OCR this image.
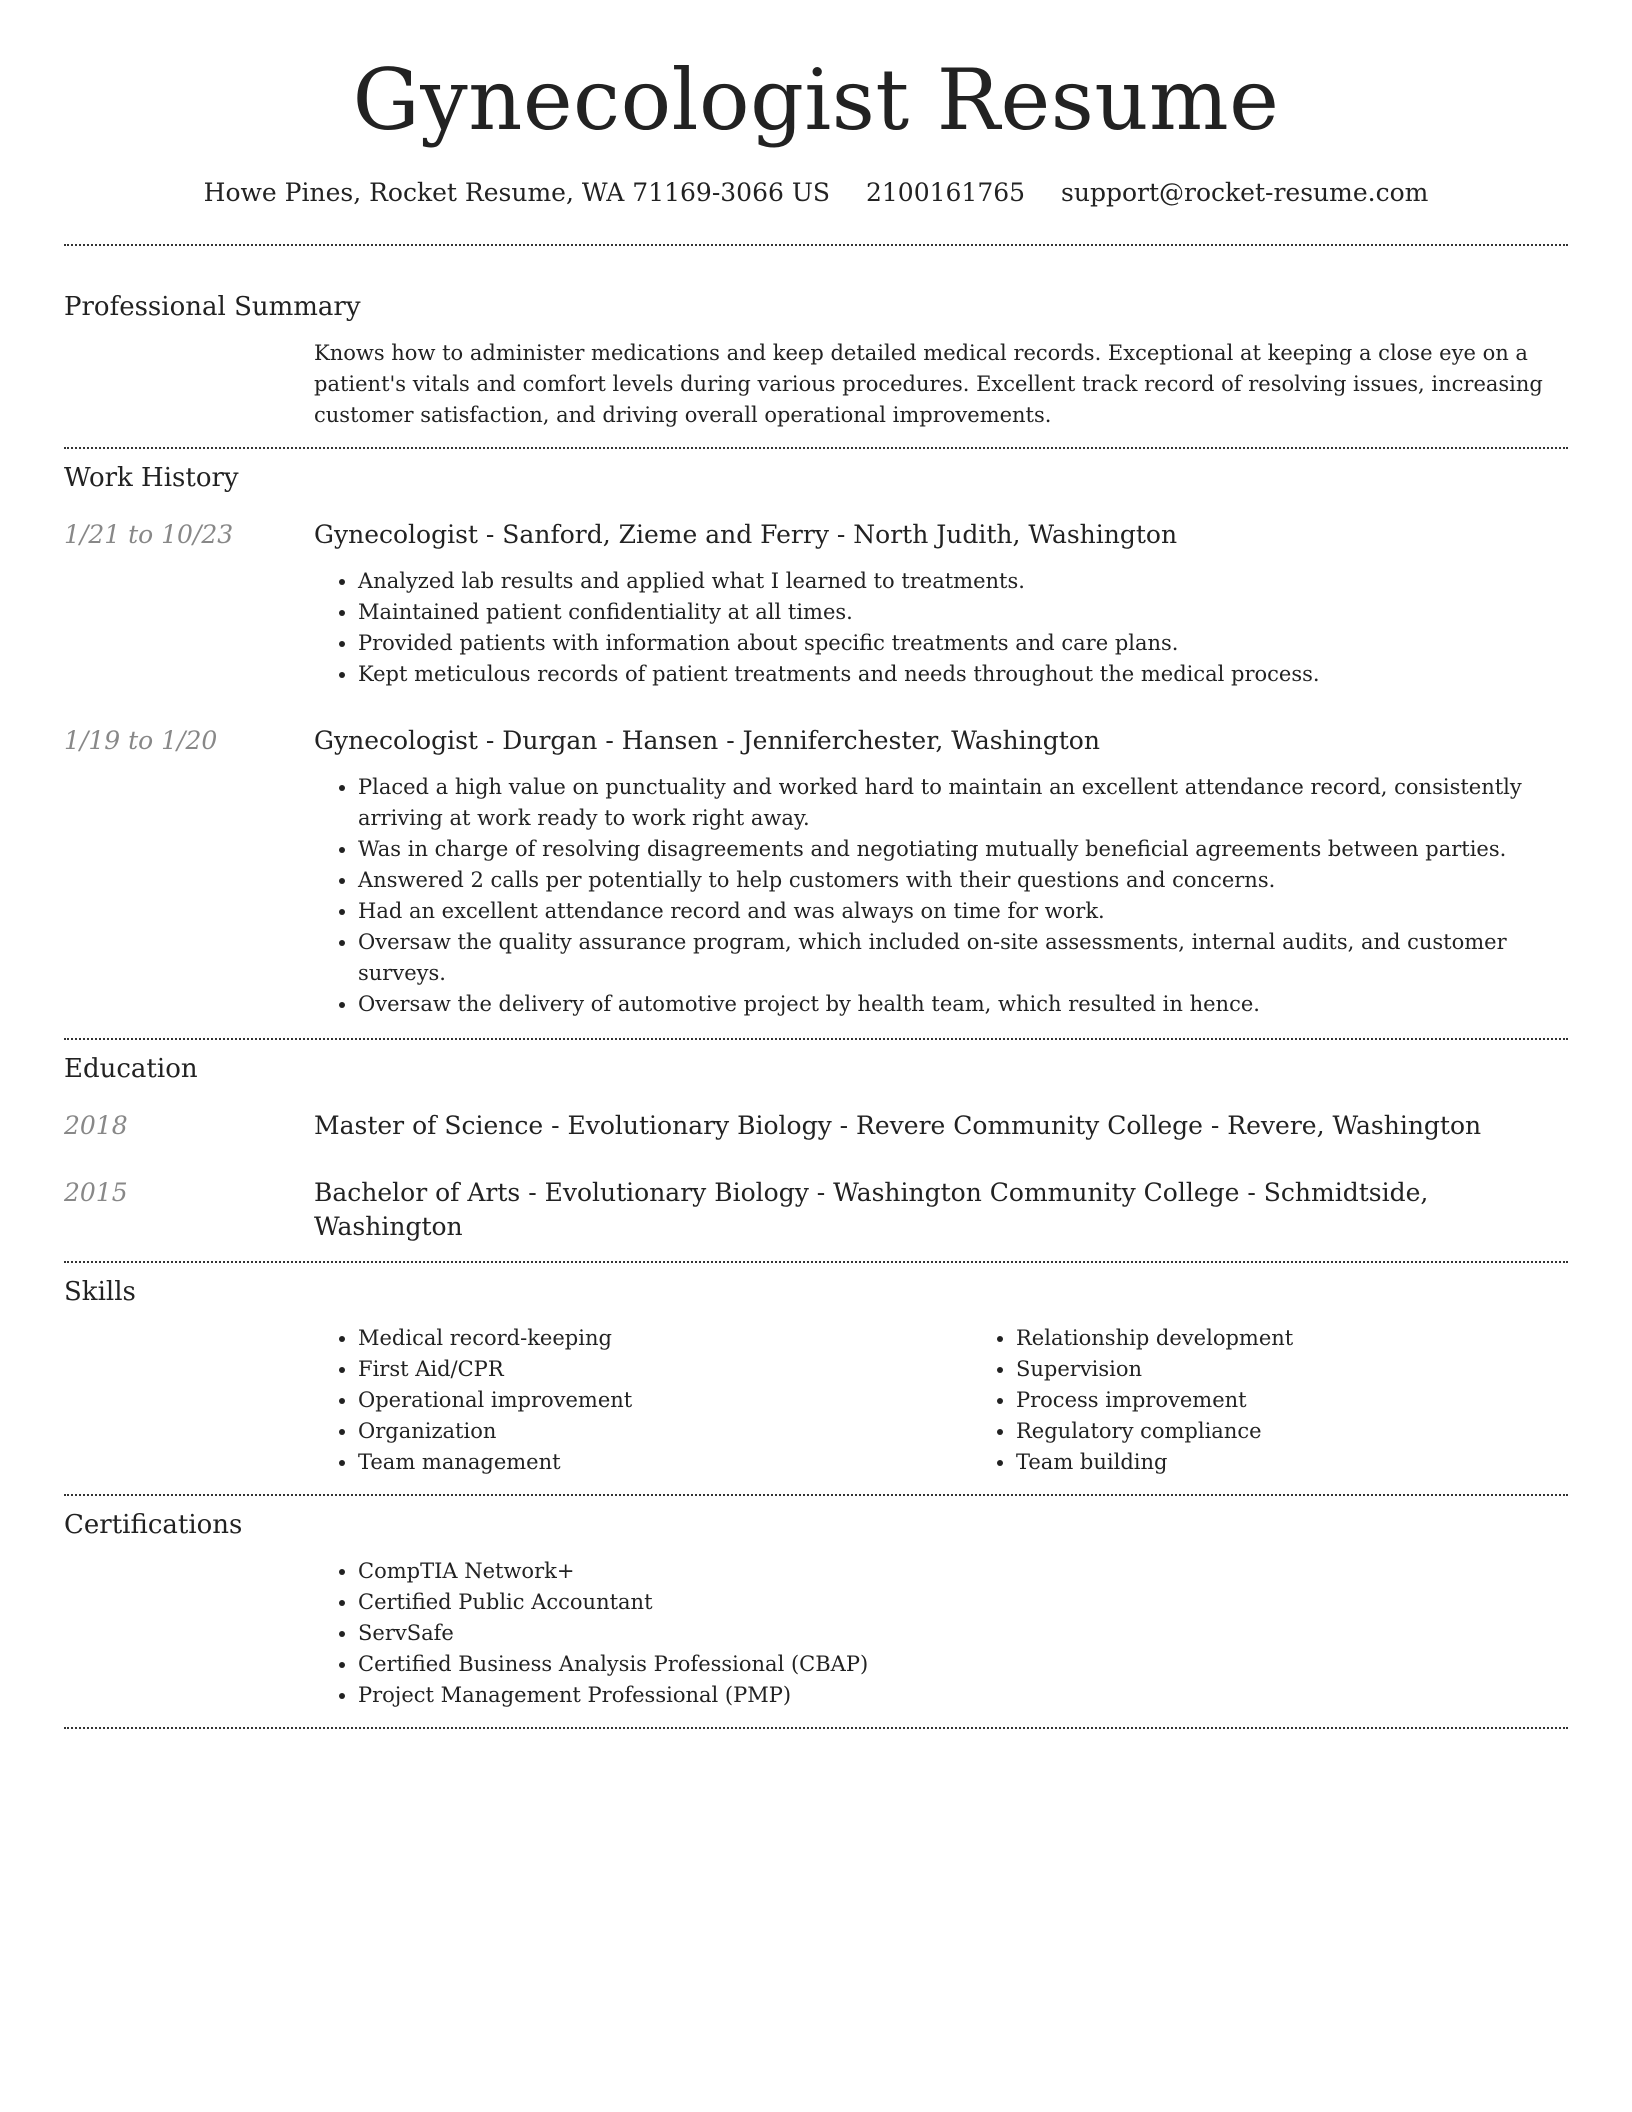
Gynecologist Resume
Howe Pines, Rocket Resume, WA 71169-3066 US 2100161765 support@rocket-resume.com
Professional Summary

Knows how to administer medications and keep detailed medical records. Exceptional at keeping a close eye on a patient's vitals and comfort levels during various procedures. Excellent track record of resolving issues, increasing customer satisfaction, and driving overall operational improvements.

Work History
1/21 to 10/23	Gynecologist - Sanford, Zieme and Ferry - North Judith, Washington
• Analyzed lab results and applied what I learned to treatments.
• Maintained patient confidentiality at all times.
• Provided patients with information about specific treatments and care plans.
• Kept meticulous records of patient treatments and needs throughout the medical process.
1/19 to 1/20	Gynecologist - Durgan - Hansen - Jenniferchester, Washington
• Placed a high value on punctuality and worked hard to maintain an excellent attendance record, consistently arriving at work ready to work right away.
• Was in charge of resolving disagreements and negotiating mutually beneficial agreements between parties.
• Answered 2 calls per potentially to help customers with their questions and concerns.
• Had an excellent attendance record and was always on time for work.
• Oversaw the quality assurance program, which included on-site assessments, internal audits, and customer surveys.
• Oversaw the delivery of automotive project by health team, which resulted in hence.
Education
2018	Master of Science - Evolutionary Biology - Revere Community College - Revere, Washington
2015	Bachelor of Arts - Evolutionary Biology - Washington Community College - Schmidtside, Washington
Skills
• Medical record-keeping
• First Aid/CPR
• Operational improvement
• Organization
• Team management
• Relationship development
• Supervision
• Process improvement
• Regulatory compliance
• Team building
Certifications
• CompTIA Network+
• Certified Public Accountant
• ServSafe
• Certified Business Analysis Professional (CBAP)
• Project Management Professional (PMP)
